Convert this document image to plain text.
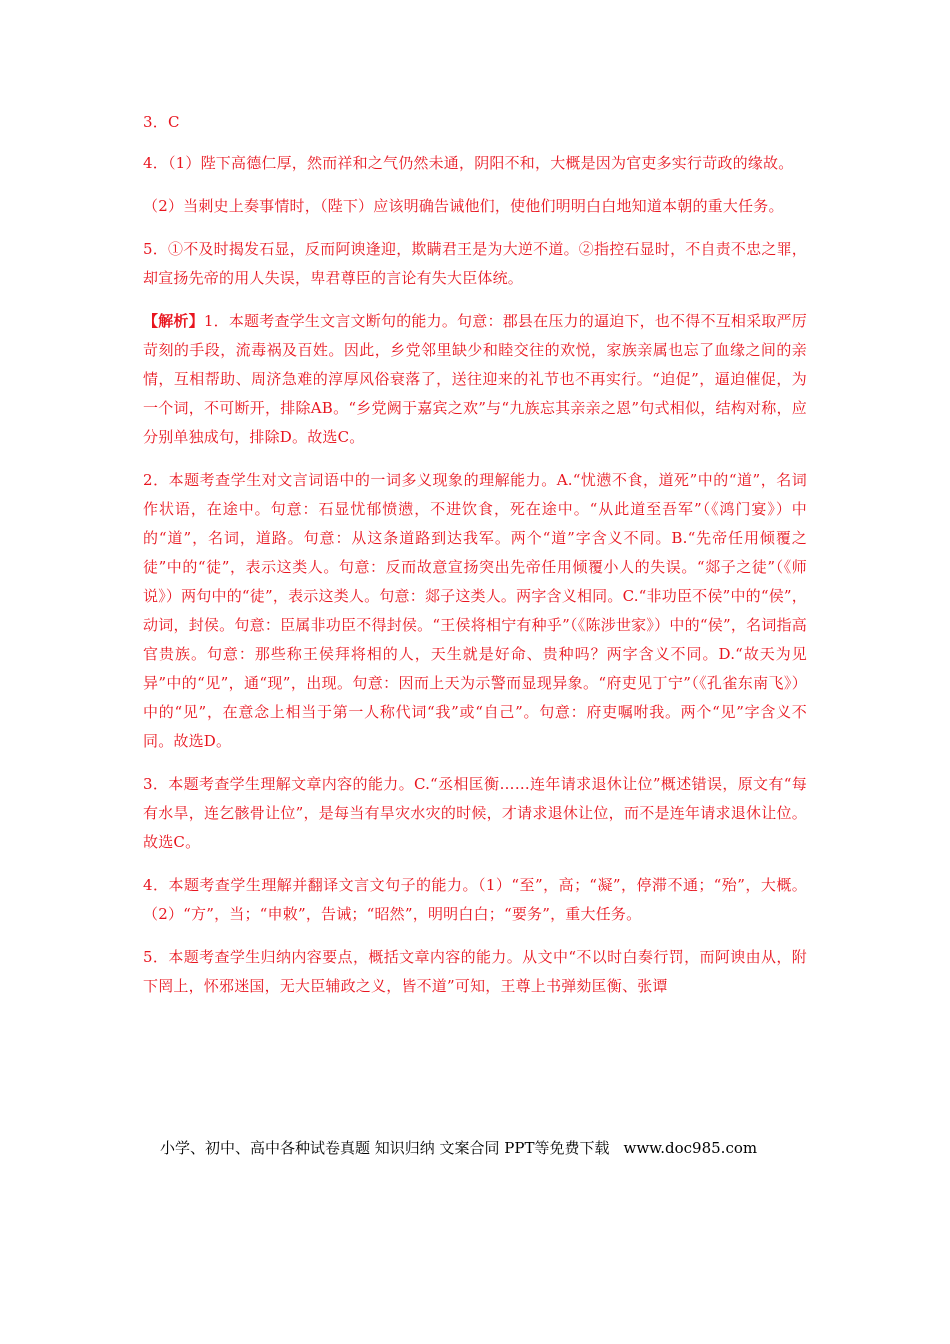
3．C

4．（1）陛下高德仁厚，然而祥和之气仍然未通，阴阳不和，大概是因为官吏多实行苛政的缘故。

（2）当刺史上奏事情时，（陛下）应该明确告诫他们，使他们明明白白地知道本朝的重大任务。

5．①不及时揭发石显，反而阿谀逢迎，欺瞒君王是为大逆不道。②指控石显时，不自责不忠之罪，却宣扬先帝的用人失误，卑君尊臣的言论有失大臣体统。

【解析】1．本题考查学生文言文断句的能力。句意：郡县在压力的逼迫下，也不得不互相采取严厉苛刻的手段，流毒祸及百姓。因此，乡党邻里缺少和睦交往的欢悦，家族亲属也忘了血缘之间的亲情，互相帮助、周济急难的淳厚风俗衰落了，送往迎来的礼节也不再实行。“迫促”，逼迫催促，为一个词，不可断开，排除AB。“乡党阙于嘉宾之欢”与“九族忘其亲亲之恩”句式相似，结构对称，应分别单独成句，排除D。故选C。

2．本题考查学生对文言词语中的一词多义现象的理解能力。A.“忧懑不食，道死”中的“道”，名词作状语，在途中。句意：石显忧郁愤懑，不进饮食，死在途中。“从此道至吾军”（《鸿门宴》）中的“道”，名词，道路。句意：从这条道路到达我军。两个“道”字含义不同。B.“先帝任用倾覆之徒”中的“徒”，表示这类人。句意：反而故意宣扬突出先帝任用倾覆小人的失误。“郯子之徒”（《师说》）两句中的“徒”，表示这类人。句意：郯子这类人。两字含义相同。C.“非功臣不侯”中的“侯”，动词，封侯。句意：臣属非功臣不得封侯。“王侯将相宁有种乎”（《陈涉世家》）中的“侯”，名词指高官贵族。句意：那些称王侯拜将相的人，天生就是好命、贵种吗？两字含义不同。D.“故天为见异”中的“见”，通“现”，出现。句意：因而上天为示警而显现异象。“府吏见丁宁”（《孔雀东南飞》）中的“见”，在意念上相当于第一人称代词“我”或“自己”。句意：府吏嘱咐我。两个“见”字含义不同。故选D。

3．本题考查学生理解文章内容的能力。C.“丞相匡衡……连年请求退休让位”概述错误，原文有“每有水旱，连乞骸骨让位”，是每当有旱灾水灾的时候，才请求退休让位，而不是连年请求退休让位。故选C。

4．本题考查学生理解并翻译文言文句子的能力。（1）“至”，高；“凝”，停滞不通；“殆”，大概。（2）“方”，当；“申敕”，告诫；“昭然”，明明白白；“要务”，重大任务。

5．本题考查学生归纳内容要点，概括文章内容的能力。从文中“不以时白奏行罚，而阿谀由从，附下罔上，怀邪迷国，无大臣辅政之义，皆不道”可知，王尊上书弹劾匡衡、张谭

小学、初中、高中各种试卷真题 知识归纳 文案合同 PPT等免费下载 www.doc985.com
